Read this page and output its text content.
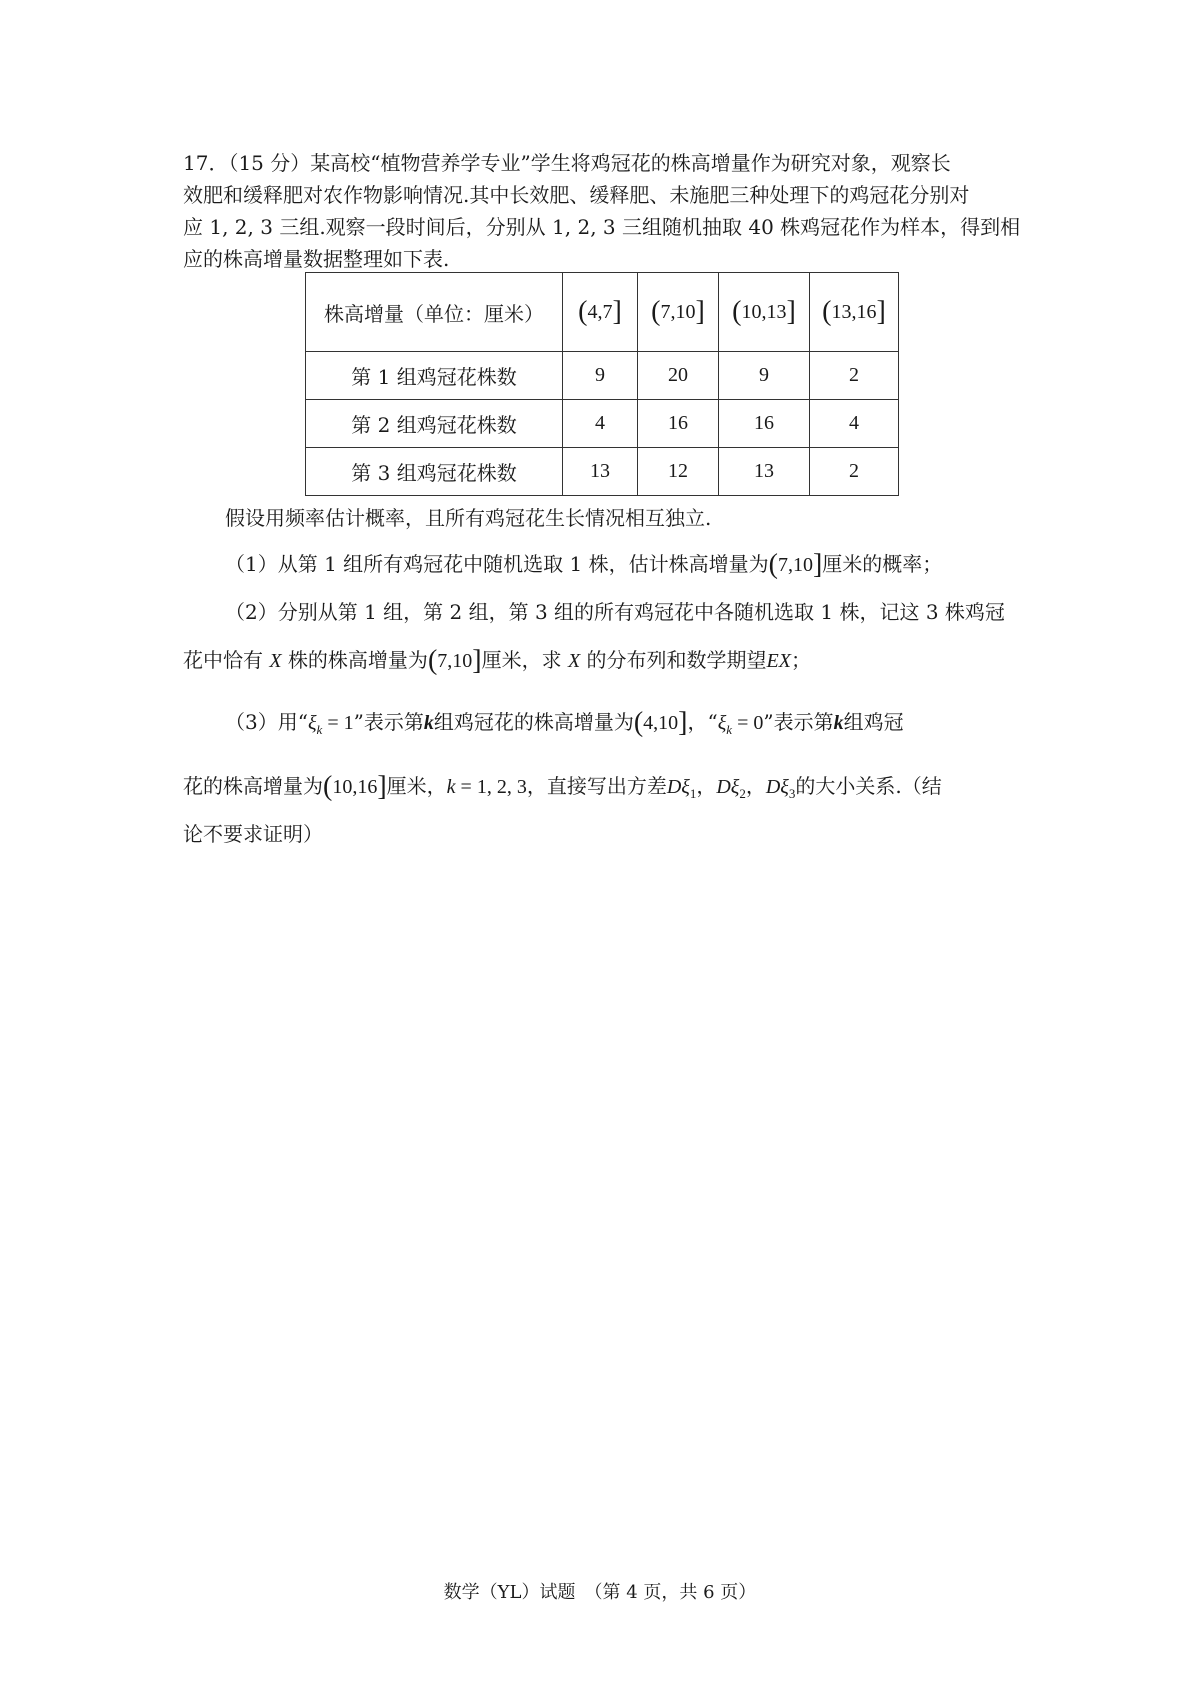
17．（15 分）某高校“植物营养学专业”学生将鸡冠花的株高增量作为研究对象，观察长

效肥和缓释肥对农作物影响情况.其中长效肥、缓释肥、未施肥三种处理下的鸡冠花分别对

应 1, 2, 3 三组.观察一段时间后，分别从 1, 2, 3 三组随机抽取 40 株鸡冠花作为样本，得到相

应的株高增量数据整理如下表.

株高增量（单位：厘米）	(4,7]	(7,10]	(10,13]	(13,16]
第 1 组鸡冠花株数	9	20	9	2
第 2 组鸡冠花株数	4	16	16	4
第 3 组鸡冠花株数	13	12	13	2

假设用频率估计概率，且所有鸡冠花生长情况相互独立.

（1）从第 1 组所有鸡冠花中随机选取 1 株，估计株高增量为(7,10]厘米的概率；

（2）分别从第 1 组，第 2 组，第 3 组的所有鸡冠花中各随机选取 1 株，记这 3 株鸡冠

花中恰有 X 株的株高增量为(7,10]厘米，求 X 的分布列和数学期望EX；

（3）用“$\xi_k = 1$”表示第k组鸡冠花的株高增量为(4,10]，“$\xi_k = 0$”表示第k组鸡冠

花的株高增量为(10,16]厘米，k = 1, 2, 3，直接写出方差$D\xi_1$，$D\xi_2$，$D\xi_3$的大小关系.（结

论不要求证明）

数学（YL）试题　（第 4 页，共 6 页）
